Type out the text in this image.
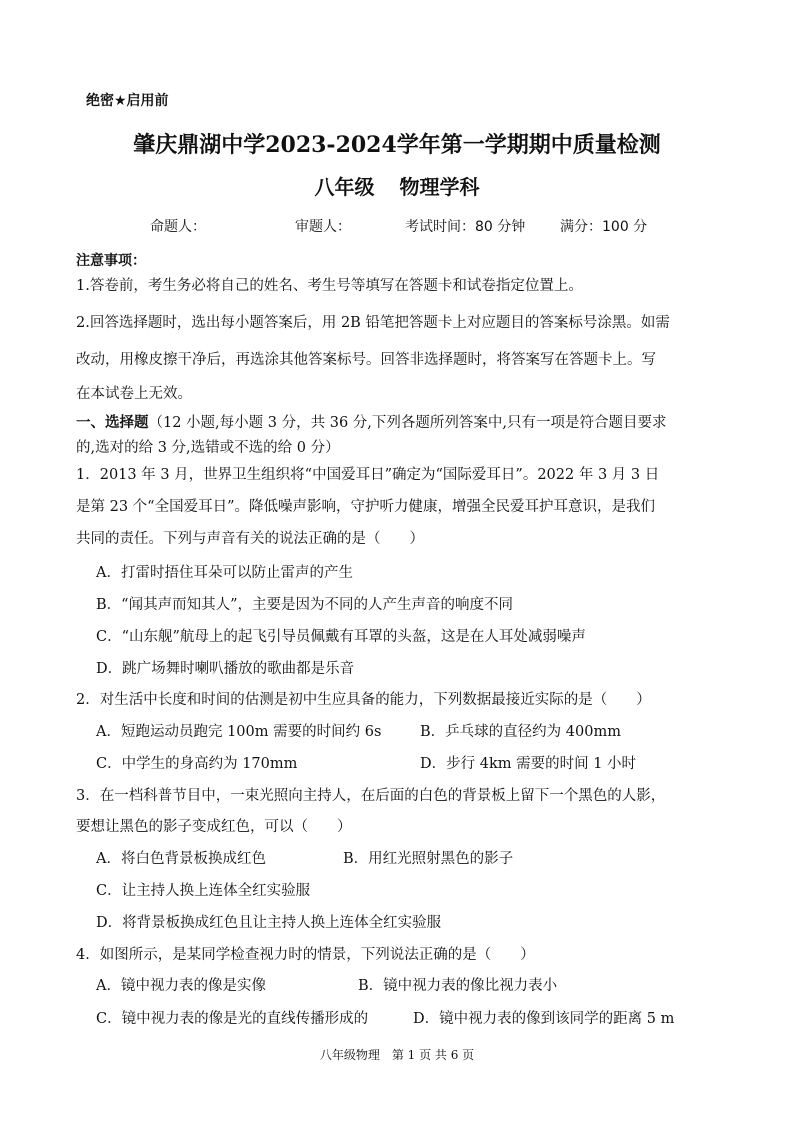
绝密★启用前
肇庆鼎湖中学2023-2024学年第一学期期中质量检测
八年级 物理学科
命题人：	审题人：	考试时间：80 分钟 满分：100 分
注意事项：
1.答卷前，考生务必将自己的姓名、考生号等填写在答题卡和试卷指定位置上。
2.回答选择题时，选出每小题答案后，用 2B 铅笔把答题卡上对应题目的答案标号涂黑。如需
改动，用橡皮擦干净后，再选涂其他答案标号。回答非选择题时，将答案写在答题卡上。写
在本试卷上无效。
一、选择题（12 小题,每小题 3 分，共 36 分,下列各题所列答案中,只有一项是符合题目要求
的,选对的给 3 分,选错或不选的给 0 分）
1．2013 年 3 月，世界卫生组织将“中国爱耳日”确定为“国际爱耳日”。2022 年 3 月 3 日
是第 23 个“全国爱耳日”。降低噪声影响，守护听力健康，增强全民爱耳护耳意识，是我们
共同的责任。下列与声音有关的说法正确的是（　　）
A．打雷时捂住耳朵可以防止雷声的产生
B．“闻其声而知其人”，主要是因为不同的人产生声音的响度不同
C．“山东舰”航母上的起飞引导员佩戴有耳罩的头盔，这是在人耳处减弱噪声
D．跳广场舞时喇叭播放的歌曲都是乐音
2．对生活中长度和时间的估测是初中生应具备的能力，下列数据最接近实际的是（　　）
A．短跑运动员跑完 100m 需要的时间约 6s	B．乒乓球的直径约为 400mm
C．中学生的身高约为 170mm	D．步行 4km 需要的时间 1 小时
3．在一档科普节目中，一束光照向主持人，在后面的白色的背景板上留下一个黑色的人影，
要想让黑色的影子变成红色，可以（　　）
A．将白色背景板换成红色	B．用红光照射黑色的影子
C．让主持人换上连体全红实验服
D．将背景板换成红色且让主持人换上连体全红实验服
4．如图所示，是某同学检查视力时的情景，下列说法正确的是（　　）
A．镜中视力表的像是实像	B．镜中视力表的像比视力表小
C．镜中视力表的像是光的直线传播形成的	D．镜中视力表的像到该同学的距离 5 m
八年级物理　第 1 页 共 6 页
